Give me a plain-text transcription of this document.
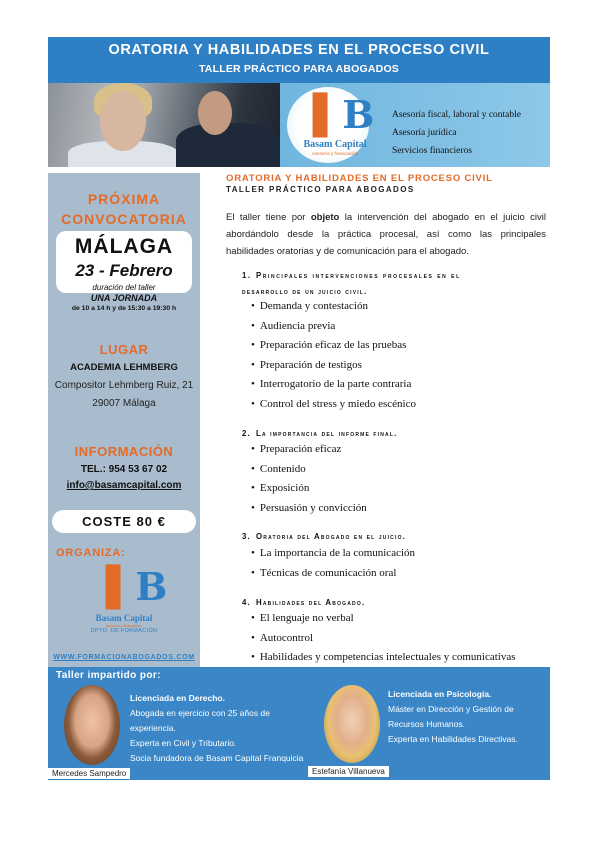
ORATORIA Y HABILIDADES EN EL PROCESO CIVIL
TALLER PRÁCTICO PARA ABOGADOS
▌B
Basam Capital
Asesoría y financiación
Asesoría fiscal, laboral y contable
Asesoría jurídica
Servicios financieros
PRÓXIMA
CONVOCATORIA
MÁLAGA
23 - Febrero
duración del taller
UNA JORNADA
de 10 a 14 h y de 15:30 a 19:30 h
LUGAR
ACADEMIA LEHMBERG
Compositor Lehmberg Ruiz, 21
29007 Málaga
INFORMACIÓN
TEL.: 954 53 67 02
info@basamcapital.com
COSTE 80 €
ORGANIZA:
▌B
Basam Capital
Asesoría y financiación
DPTO. DE FORMACIÓN
WWW.FORMACIONABOGADOS.COM
ORATORIA Y HABILIDADES EN EL PROCESO CIVIL
TALLER PRÁCTICO PARA ABOGADOS
El taller tiene por objeto la intervención del abogado en el juicio civil abordándolo desde la práctica procesal, así como las principales habilidades oratorias y de comunicación para el abogado.
1. Principales intervenciones procesales en el
desarrollo de un juicio civil.
• Demanda y contestación
• Audiencia previa
• Preparación eficaz de las pruebas
• Preparación de testigos
• Interrogatorio de la parte contraria
• Control del stress y miedo escénico
2. La importancia del informe final.
• Preparación eficaz
• Contenido
• Exposición
• Persuasión y convicción
3. Oratoria del Abogado en el juicio.
• La importancia de la comunicación
• Técnicas de comunicación oral
4. Habilidades del Abogado.
• El lenguaje no verbal
• Autocontrol
• Habilidades y competencias intelectuales y comunicativas
Taller impartido por:
Mercedes Sampedro
Licenciada en Derecho.
Abogada en ejercicio con 25 años de
experiencia.
Experta en Civil y Tributario.
Socia fundadora de Basam Capital Franquicia
Estefanía Villanueva
Licenciada en Psicología.
Máster en Dirección y Gestión de
Recursos Humanos.
Experta en Habilidades Directivas.
